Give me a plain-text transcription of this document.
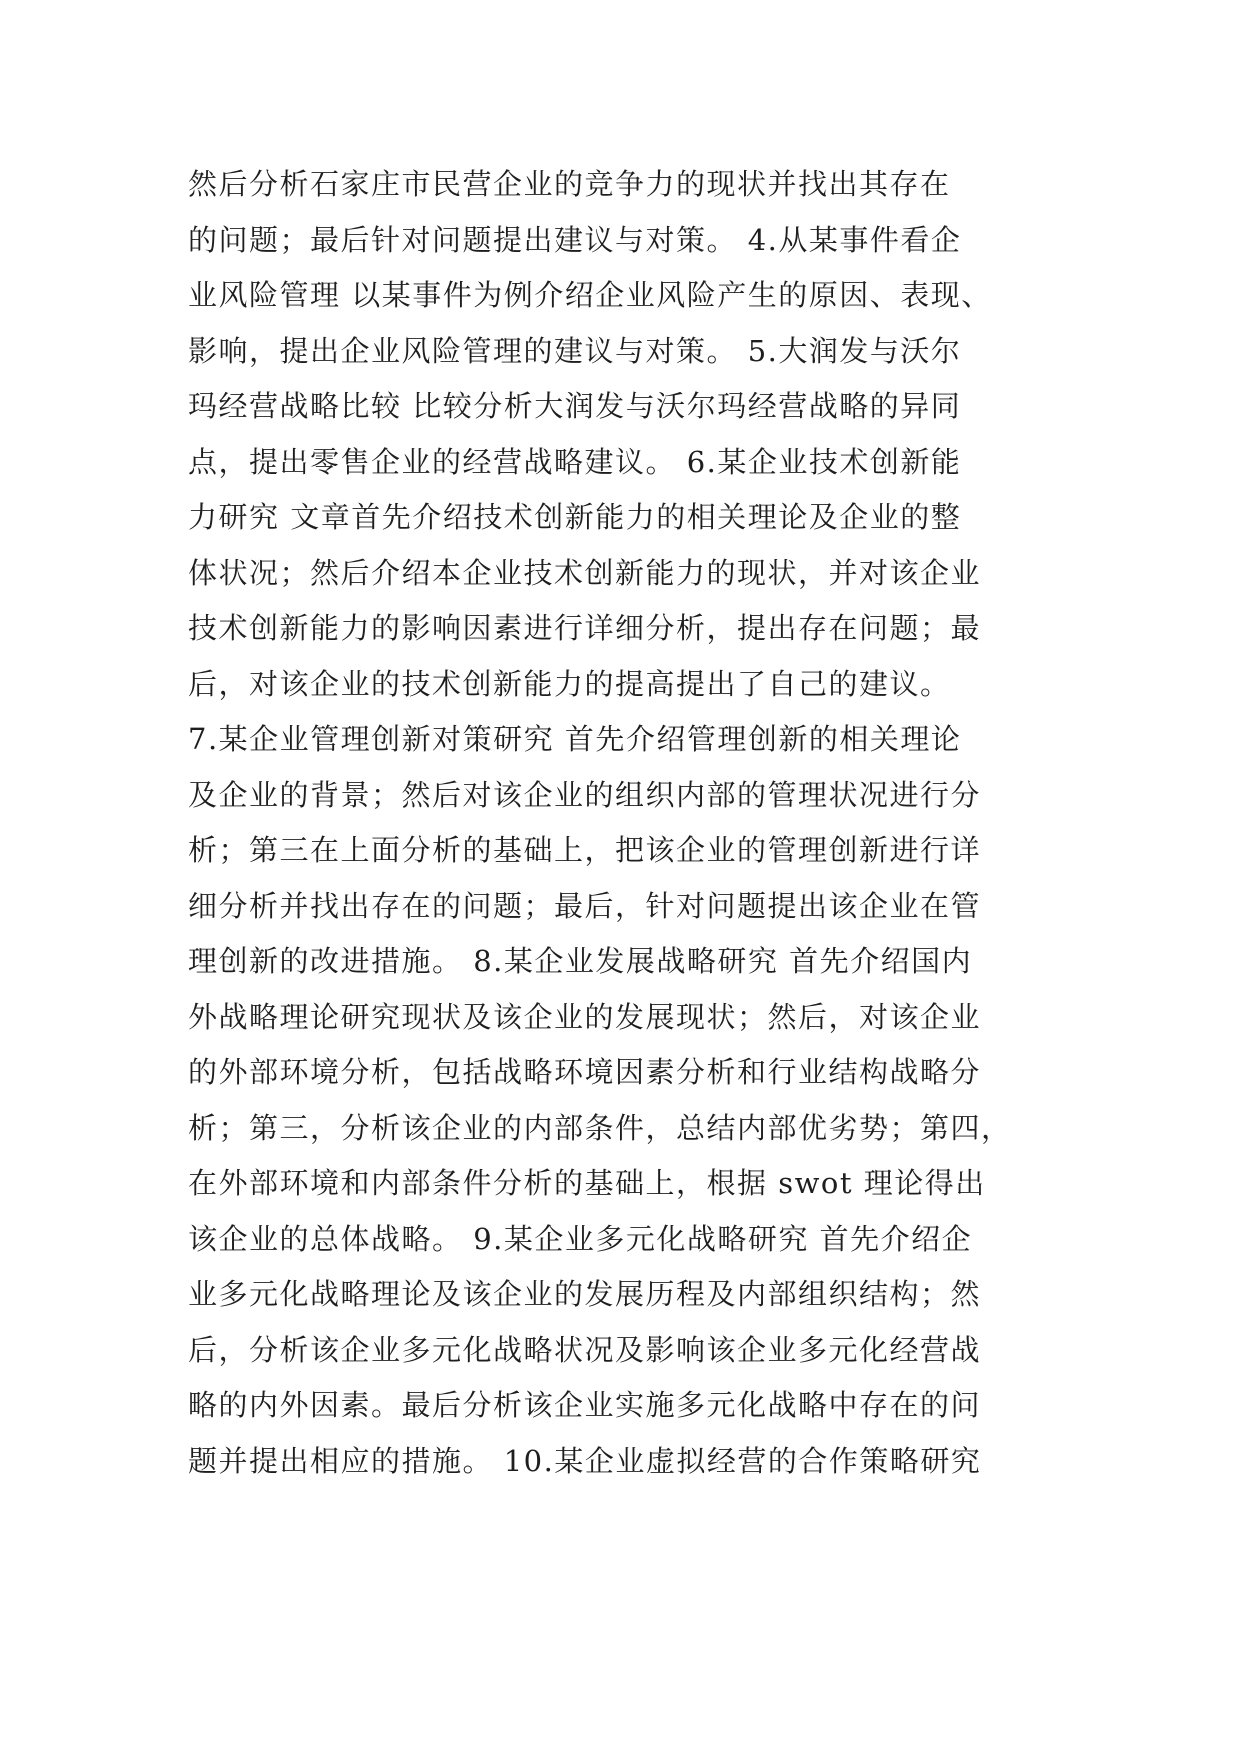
然后分析石家庄市民营企业的竞争力的现状并找出其存在
的问题；最后针对问题提出建议与对策。 4.从某事件看企
业风险管理 以某事件为例介绍企业风险产生的原因、表现、
影响，提出企业风险管理的建议与对策。 5.大润发与沃尔
玛经营战略比较 比较分析大润发与沃尔玛经营战略的异同
点，提出零售企业的经营战略建议。 6.某企业技术创新能
力研究 文章首先介绍技术创新能力的相关理论及企业的整
体状况；然后介绍本企业技术创新能力的现状，并对该企业
技术创新能力的影响因素进行详细分析，提出存在问题；最
后，对该企业的技术创新能力的提高提出了自己的建议。
7.某企业管理创新对策研究 首先介绍管理创新的相关理论
及企业的背景；然后对该企业的组织内部的管理状况进行分
析；第三在上面分析的基础上，把该企业的管理创新进行详
细分析并找出存在的问题；最后，针对问题提出该企业在管
理创新的改进措施。 8.某企业发展战略研究 首先介绍国内
外战略理论研究现状及该企业的发展现状；然后，对该企业
的外部环境分析，包括战略环境因素分析和行业结构战略分
析；第三，分析该企业的内部条件，总结内部优劣势；第四，
在外部环境和内部条件分析的基础上，根据 swot 理论得出
该企业的总体战略。 9.某企业多元化战略研究 首先介绍企
业多元化战略理论及该企业的发展历程及内部组织结构；然
后，分析该企业多元化战略状况及影响该企业多元化经营战
略的内外因素。最后分析该企业实施多元化战略中存在的问
题并提出相应的措施。 10.某企业虚拟经营的合作策略研究
